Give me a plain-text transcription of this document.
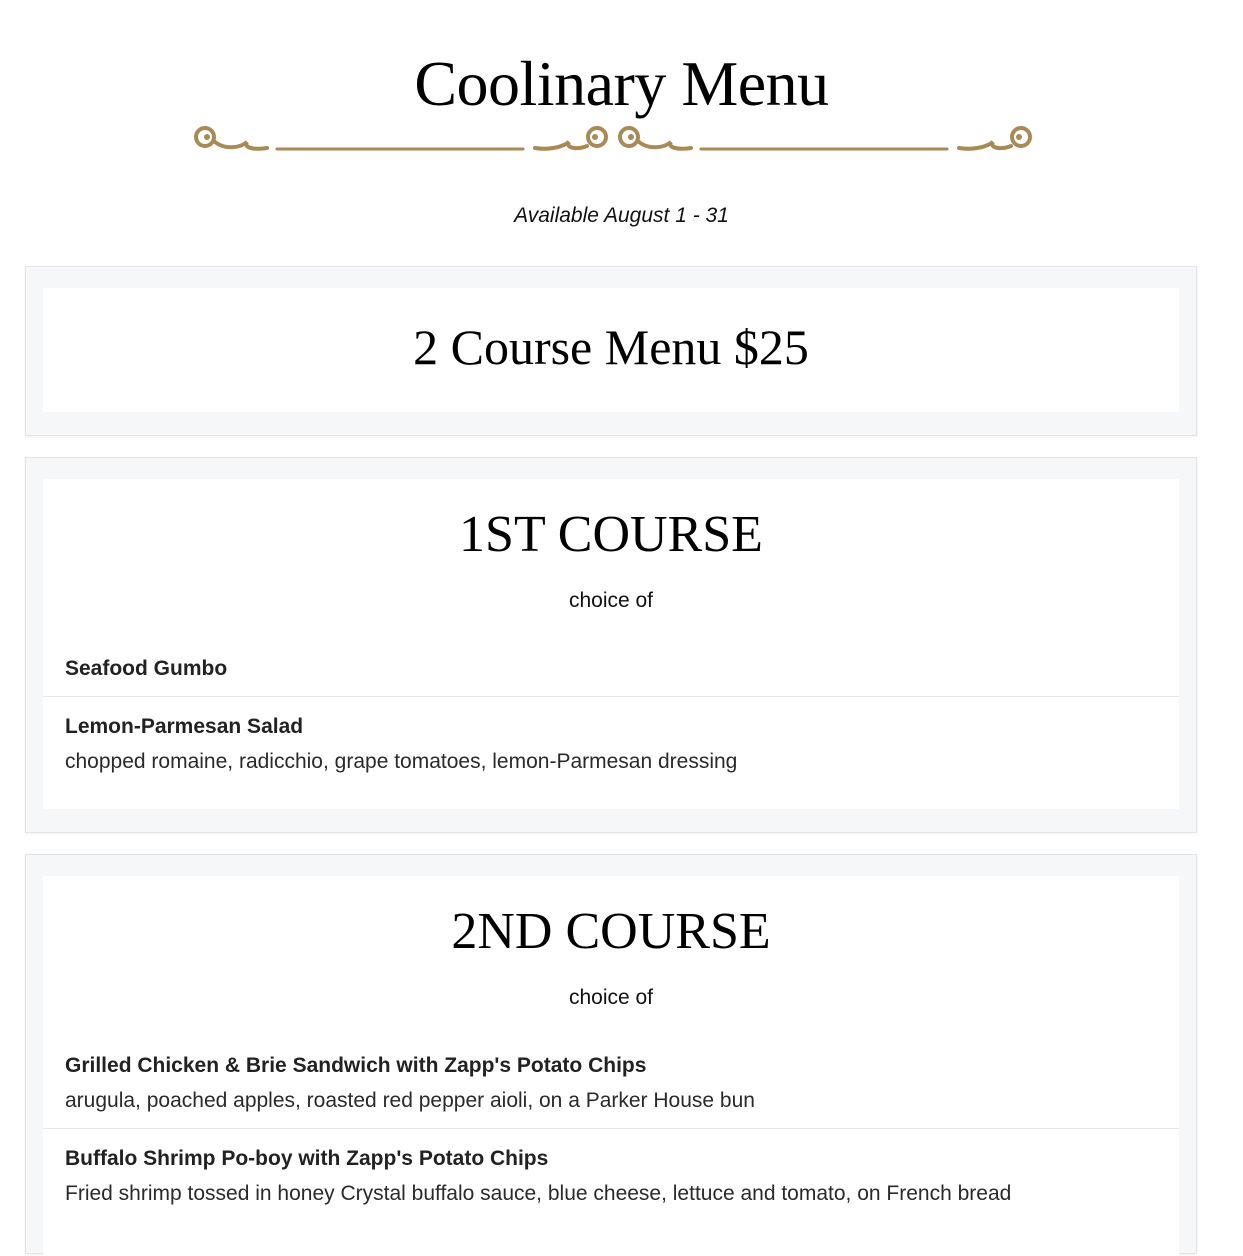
Coolinary Menu
Available August 1 - 31
2 Course Menu $25
1ST COURSE
choice of
Seafood Gumbo
Lemon-Parmesan Salad
chopped romaine, radicchio, grape tomatoes, lemon-Parmesan dressing
2ND COURSE
choice of
Grilled Chicken & Brie Sandwich with Zapp's Potato Chips
arugula, poached apples, roasted red pepper aioli, on a Parker House bun
Buffalo Shrimp Po-boy with Zapp's Potato Chips
Fried shrimp tossed in honey Crystal buffalo sauce, blue cheese, lettuce and tomato, on French bread
